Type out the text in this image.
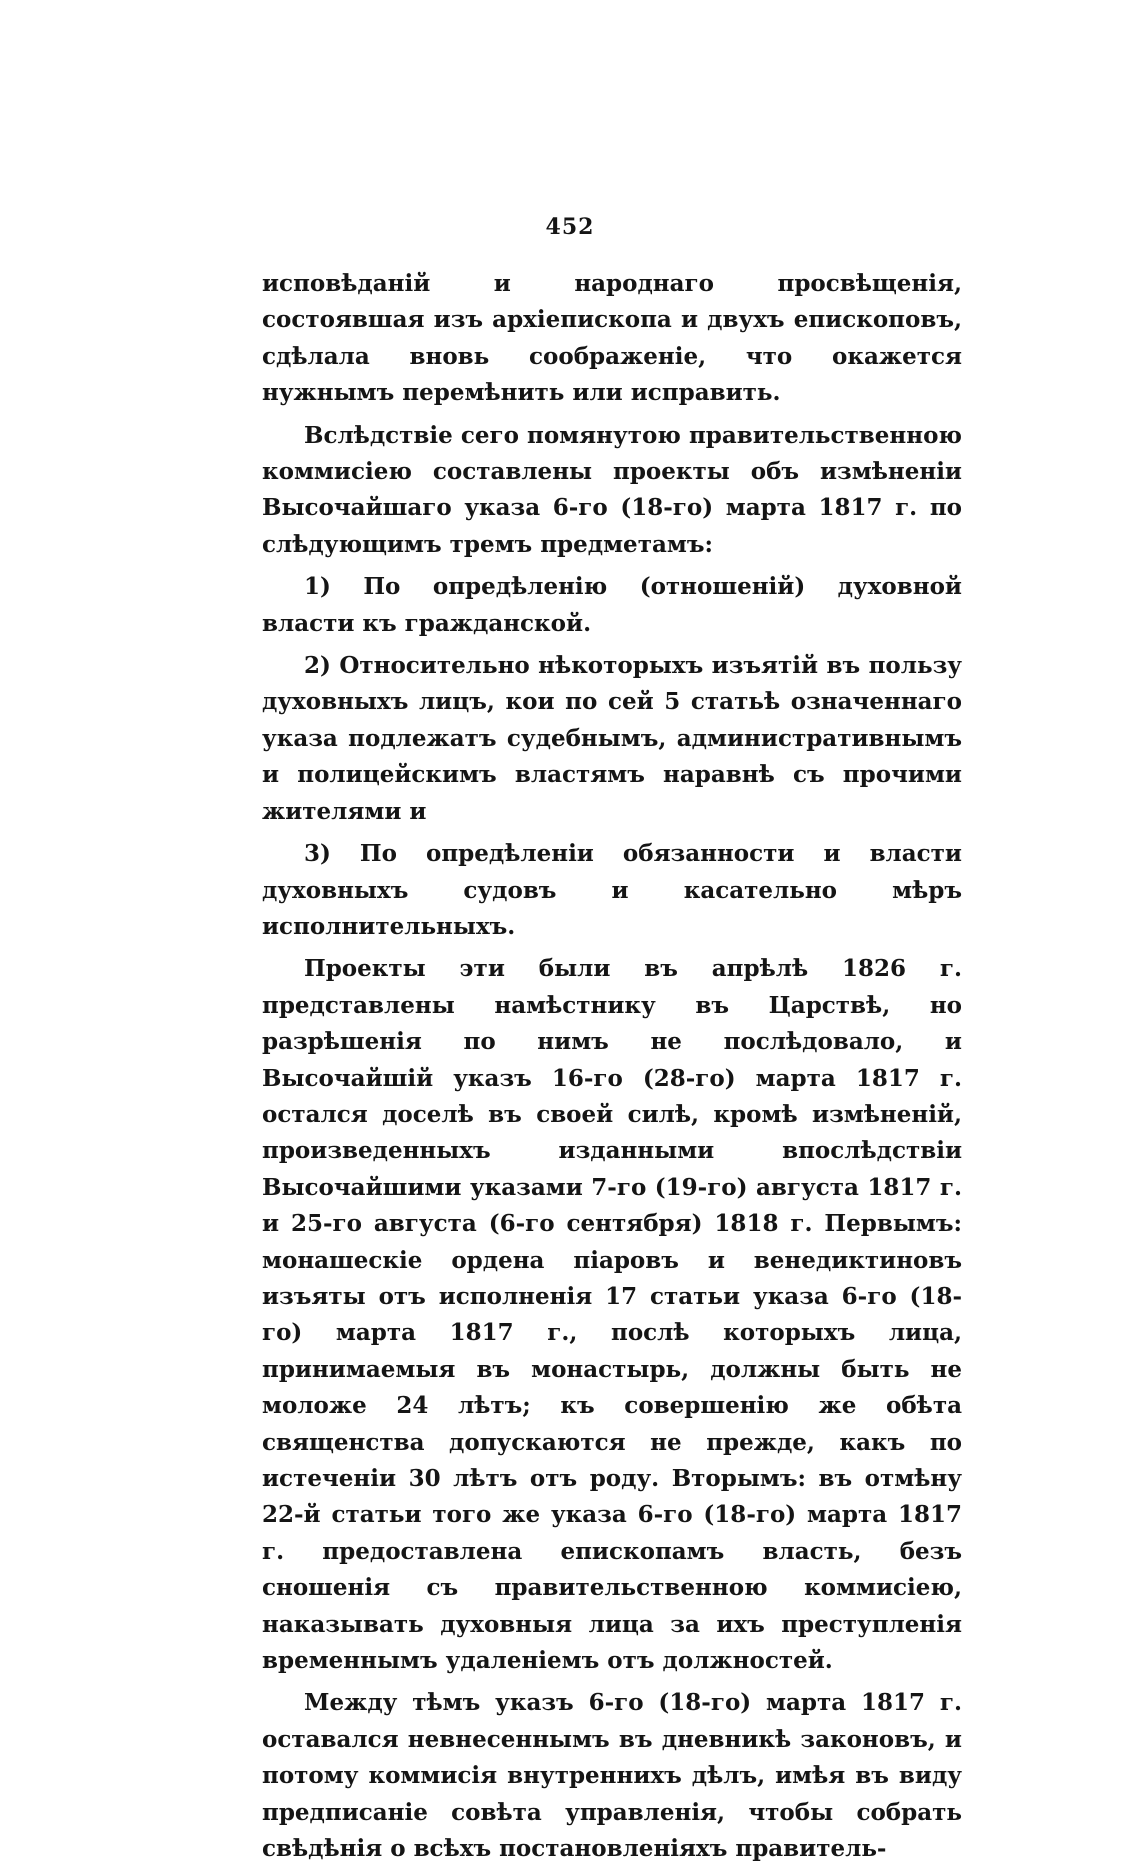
452

исповѣданій и народнаго просвѣщенія, состоявшая изъ архіепископа и двухъ епископовъ, сдѣлала вновь соображеніе, что окажется нужнымъ перемѣнить или исправить.

Вслѣдствіе сего помянутою правительственною коммисіею составлены проекты объ измѣненіи Высочайшаго указа 6-го (18-го) марта 1817 г. по слѣдующимъ тремъ предметамъ:

1) По опредѣленію (отношеній) духовной власти къ гражданской.

2) Относительно нѣкоторыхъ изъятій въ пользу духовныхъ лицъ, кои по сей 5 статьѣ означеннаго указа подлежатъ судебнымъ, административнымъ и полицейскимъ властямъ наравнѣ съ прочими жителями и

3) По опредѣленіи обязанности и власти духовныхъ судовъ и касательно мѣръ исполнительныхъ.

Проекты эти были въ апрѣлѣ 1826 г. представлены намѣстнику въ Царствѣ, но разрѣшенія по нимъ не послѣдовало, и Высочайшій указъ 16-го (28-го) марта 1817 г. остался доселѣ въ своей силѣ, кромѣ измѣненій, произведенныхъ изданными впослѣдствіи Высочайшими указами 7-го (19-го) августа 1817 г. и 25-го августа (6-го сентября) 1818 г. Первымъ: монашескіе ордена піаровъ и венедиктиновъ изъяты отъ исполненія 17 статьи указа 6-го (18-го) марта 1817 г., послѣ которыхъ лица, принимаемыя въ монастырь, должны быть не моложе 24 лѣтъ; къ совершенію же обѣта священства допускаются не прежде, какъ по истеченіи 30 лѣтъ отъ роду. Вторымъ: въ отмѣну 22-й статьи того же указа 6-го (18-го) марта 1817 г. предоставлена епископамъ власть, безъ сношенія съ правительственною коммисіею, наказывать духовныя лица за ихъ преступленія временнымъ удаленіемъ отъ должностей.

Между тѣмъ указъ 6-го (18-го) марта 1817 г. оставался невнесеннымъ въ дневникѣ законовъ, и потому коммисія внутреннихъ дѣлъ, имѣя въ виду предписаніе совѣта управленія, чтобы собрать свѣдѣнія о всѣхъ постановленіяхъ правитель-
